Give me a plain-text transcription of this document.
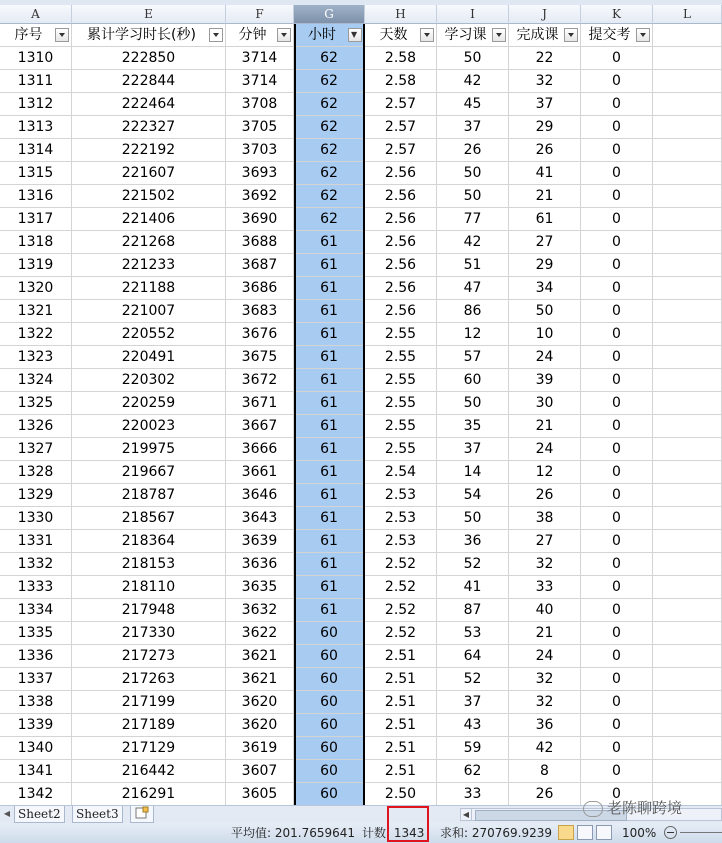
A	E	F	G	H	I	J	K	L
序号	累计学习时长(秒)	分钟	小时 ▼	天数	学习课	完成课	提交考
1310	222850	3714	62	2.58	50	22	0
1311	222844	3714	62	2.58	42	32	0
1312	222464	3708	62	2.57	45	37	0
1313	222327	3705	62	2.57	37	29	0
1314	222192	3703	62	2.57	26	26	0
1315	221607	3693	62	2.56	50	41	0
1316	221502	3692	62	2.56	50	21	0
1317	221406	3690	62	2.56	77	61	0
1318	221268	3688	61	2.56	42	27	0
1319	221233	3687	61	2.56	51	29	0
1320	221188	3686	61	2.56	47	34	0
1321	221007	3683	61	2.56	86	50	0
1322	220552	3676	61	2.55	12	10	0
1323	220491	3675	61	2.55	57	24	0
1324	220302	3672	61	2.55	60	39	0
1325	220259	3671	61	2.55	50	30	0
1326	220023	3667	61	2.55	35	21	0
1327	219975	3666	61	2.55	37	24	0
1328	219667	3661	61	2.54	14	12	0
1329	218787	3646	61	2.53	54	26	0
1330	218567	3643	61	2.53	50	38	0
1331	218364	3639	61	2.53	36	27	0
1332	218153	3636	61	2.52	52	32	0
1333	218110	3635	61	2.52	41	33	0
1334	217948	3632	61	2.52	87	40	0
1335	217330	3622	60	2.52	53	21	0
1336	217273	3621	60	2.51	64	24	0
1337	217263	3621	60	2.51	52	32	0
1338	217199	3620	60	2.51	37	32	0
1339	217189	3620	60	2.51	43	36	0
1340	217129	3619	60	2.51	59	42	0
1341	216442	3607	60	2.51	62	8	0
1342	216291	3605	60	2.50	33	26	0
◀ Sheet2	Sheet3	◀
平均值: 201.7659641 计数: 1343 求和: 270769.9239	100%
老陈聊跨境
